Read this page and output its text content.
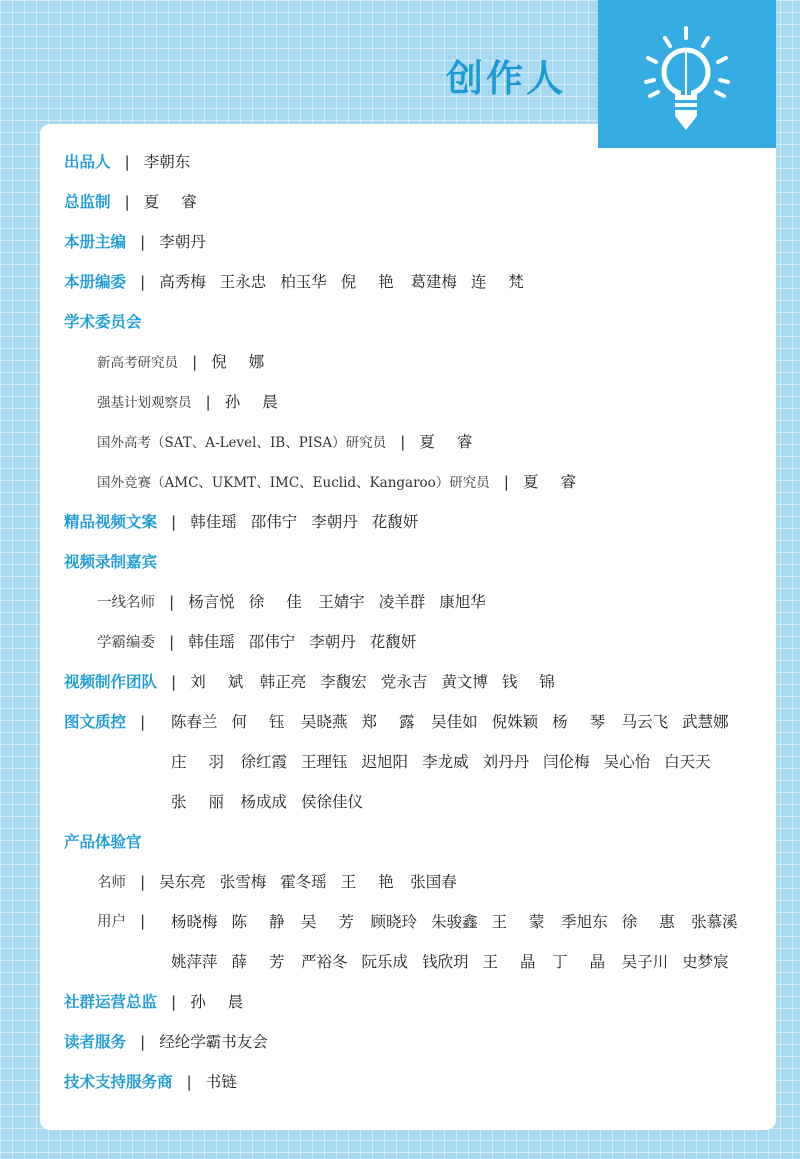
创作人
出品人 | 李朝东
总监制 | 夏 睿
本册主编 | 李朝丹
本册编委 | 高秀梅 王永忠 柏玉华 倪 艳 葛建梅 连 梵
学术委员会
新高考研究员 | 倪 娜
强基计划观察员 | 孙 晨
国外高考（SAT、A-Level、IB、PISA）研究员 | 夏 睿
国外竞赛（AMC、UKMT、IMC、Euclid、Kangaroo）研究员 | 夏 睿
精品视频文案 | 韩佳瑶 邵伟宁 李朝丹 花馥妍
视频录制嘉宾
一线名师 | 杨言悦 徐 佳 王婧宇 凌羊群 康旭华
学霸编委 | 韩佳瑶 邵伟宁 李朝丹 花馥妍
视频制作团队 | 刘 斌 韩正亮 李馥宏 党永吉 黄文博 钱 锦
图文质控 | 陈春兰 何 钰 吴晓燕 郑 露 吴佳如 倪姝颖 杨 琴 马云飞 武慧娜
庄 羽 徐红霞 王理钰 迟旭阳 李龙威 刘丹丹 闫伦梅 吴心怡 白天天
张 丽 杨成成 侯徐佳仪
产品体验官
名师 | 吴东亮 张雪梅 霍冬瑶 王 艳 张国春
用户 | 杨晓梅 陈 静 吴 芳 顾晓玲 朱骏鑫 王 蒙 季旭东 徐 惠 张慕溪
姚萍萍 薛 芳 严裕冬 阮乐成 钱欣玥 王 晶 丁 晶 吴子川 史梦宸
社群运营总监 | 孙 晨
读者服务 | 经纶学霸书友会
技术支持服务商 | 书链
